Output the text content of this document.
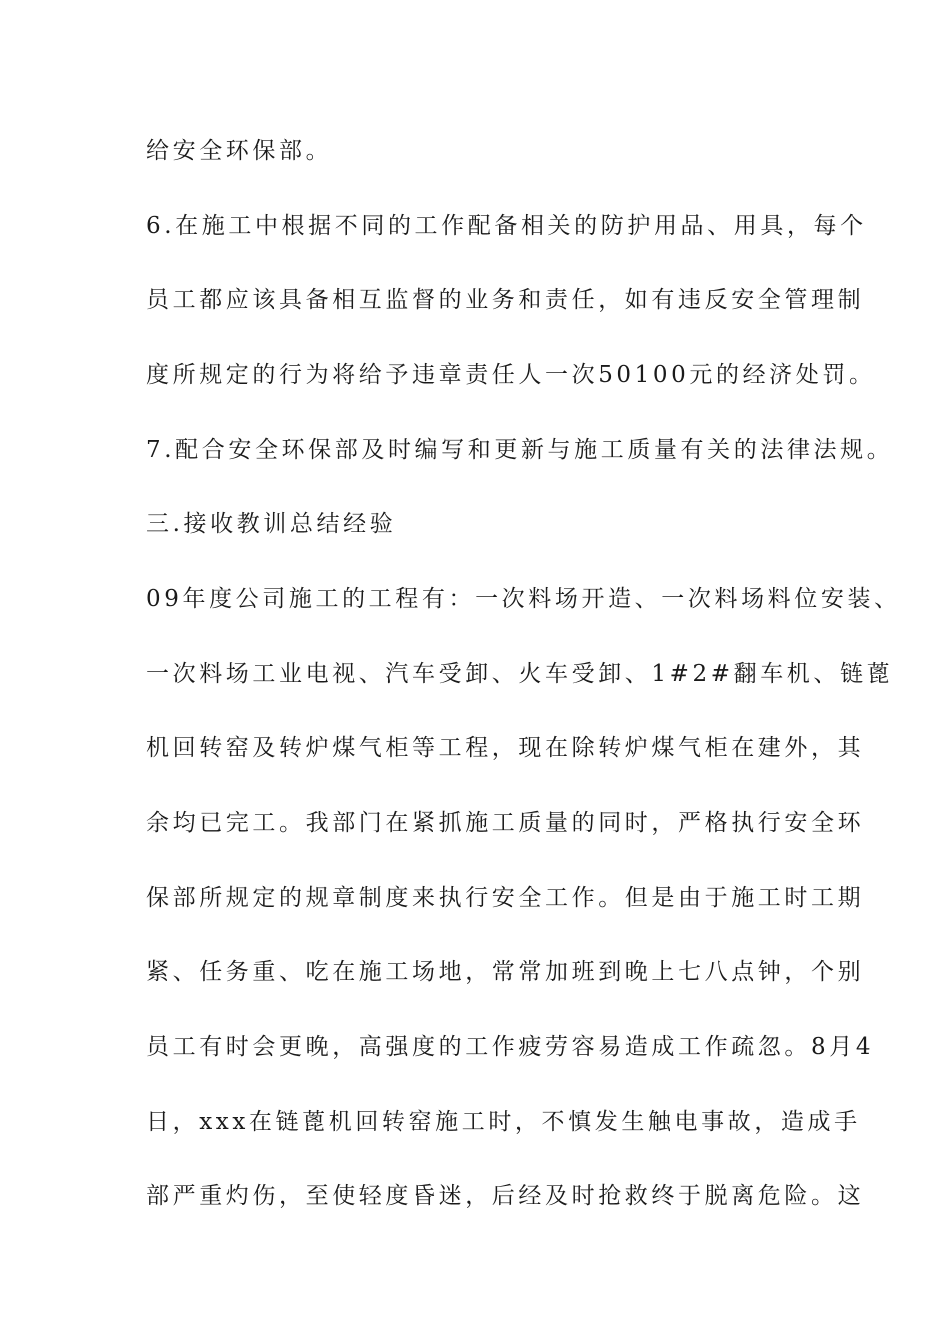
给安全环保部。
6.在施工中根据不同的工作配备相关的防护用品、用具，每个
员工都应该具备相互监督的业务和责任，如有违反安全管理制
度所规定的行为将给予违章责任人一次50100元的经济处罚。
7.配合安全环保部及时编写和更新与施工质量有关的法律法规。
三.接收教训总结经验
09年度公司施工的工程有：一次料场开造、一次料场料位安装、
一次料场工业电视、汽车受卸、火车受卸、1#2#翻车机、链蓖
机回转窑及转炉煤气柜等工程，现在除转炉煤气柜在建外，其
余均已完工。我部门在紧抓施工质量的同时，严格执行安全环
保部所规定的规章制度来执行安全工作。但是由于施工时工期
紧、任务重、吃在施工场地，常常加班到晚上七八点钟，个别
员工有时会更晚，高强度的工作疲劳容易造成工作疏忽。8月4
日，xxx在链蓖机回转窑施工时，不慎发生触电事故，造成手
部严重灼伤，至使轻度昏迷，后经及时抢救终于脱离危险。这
